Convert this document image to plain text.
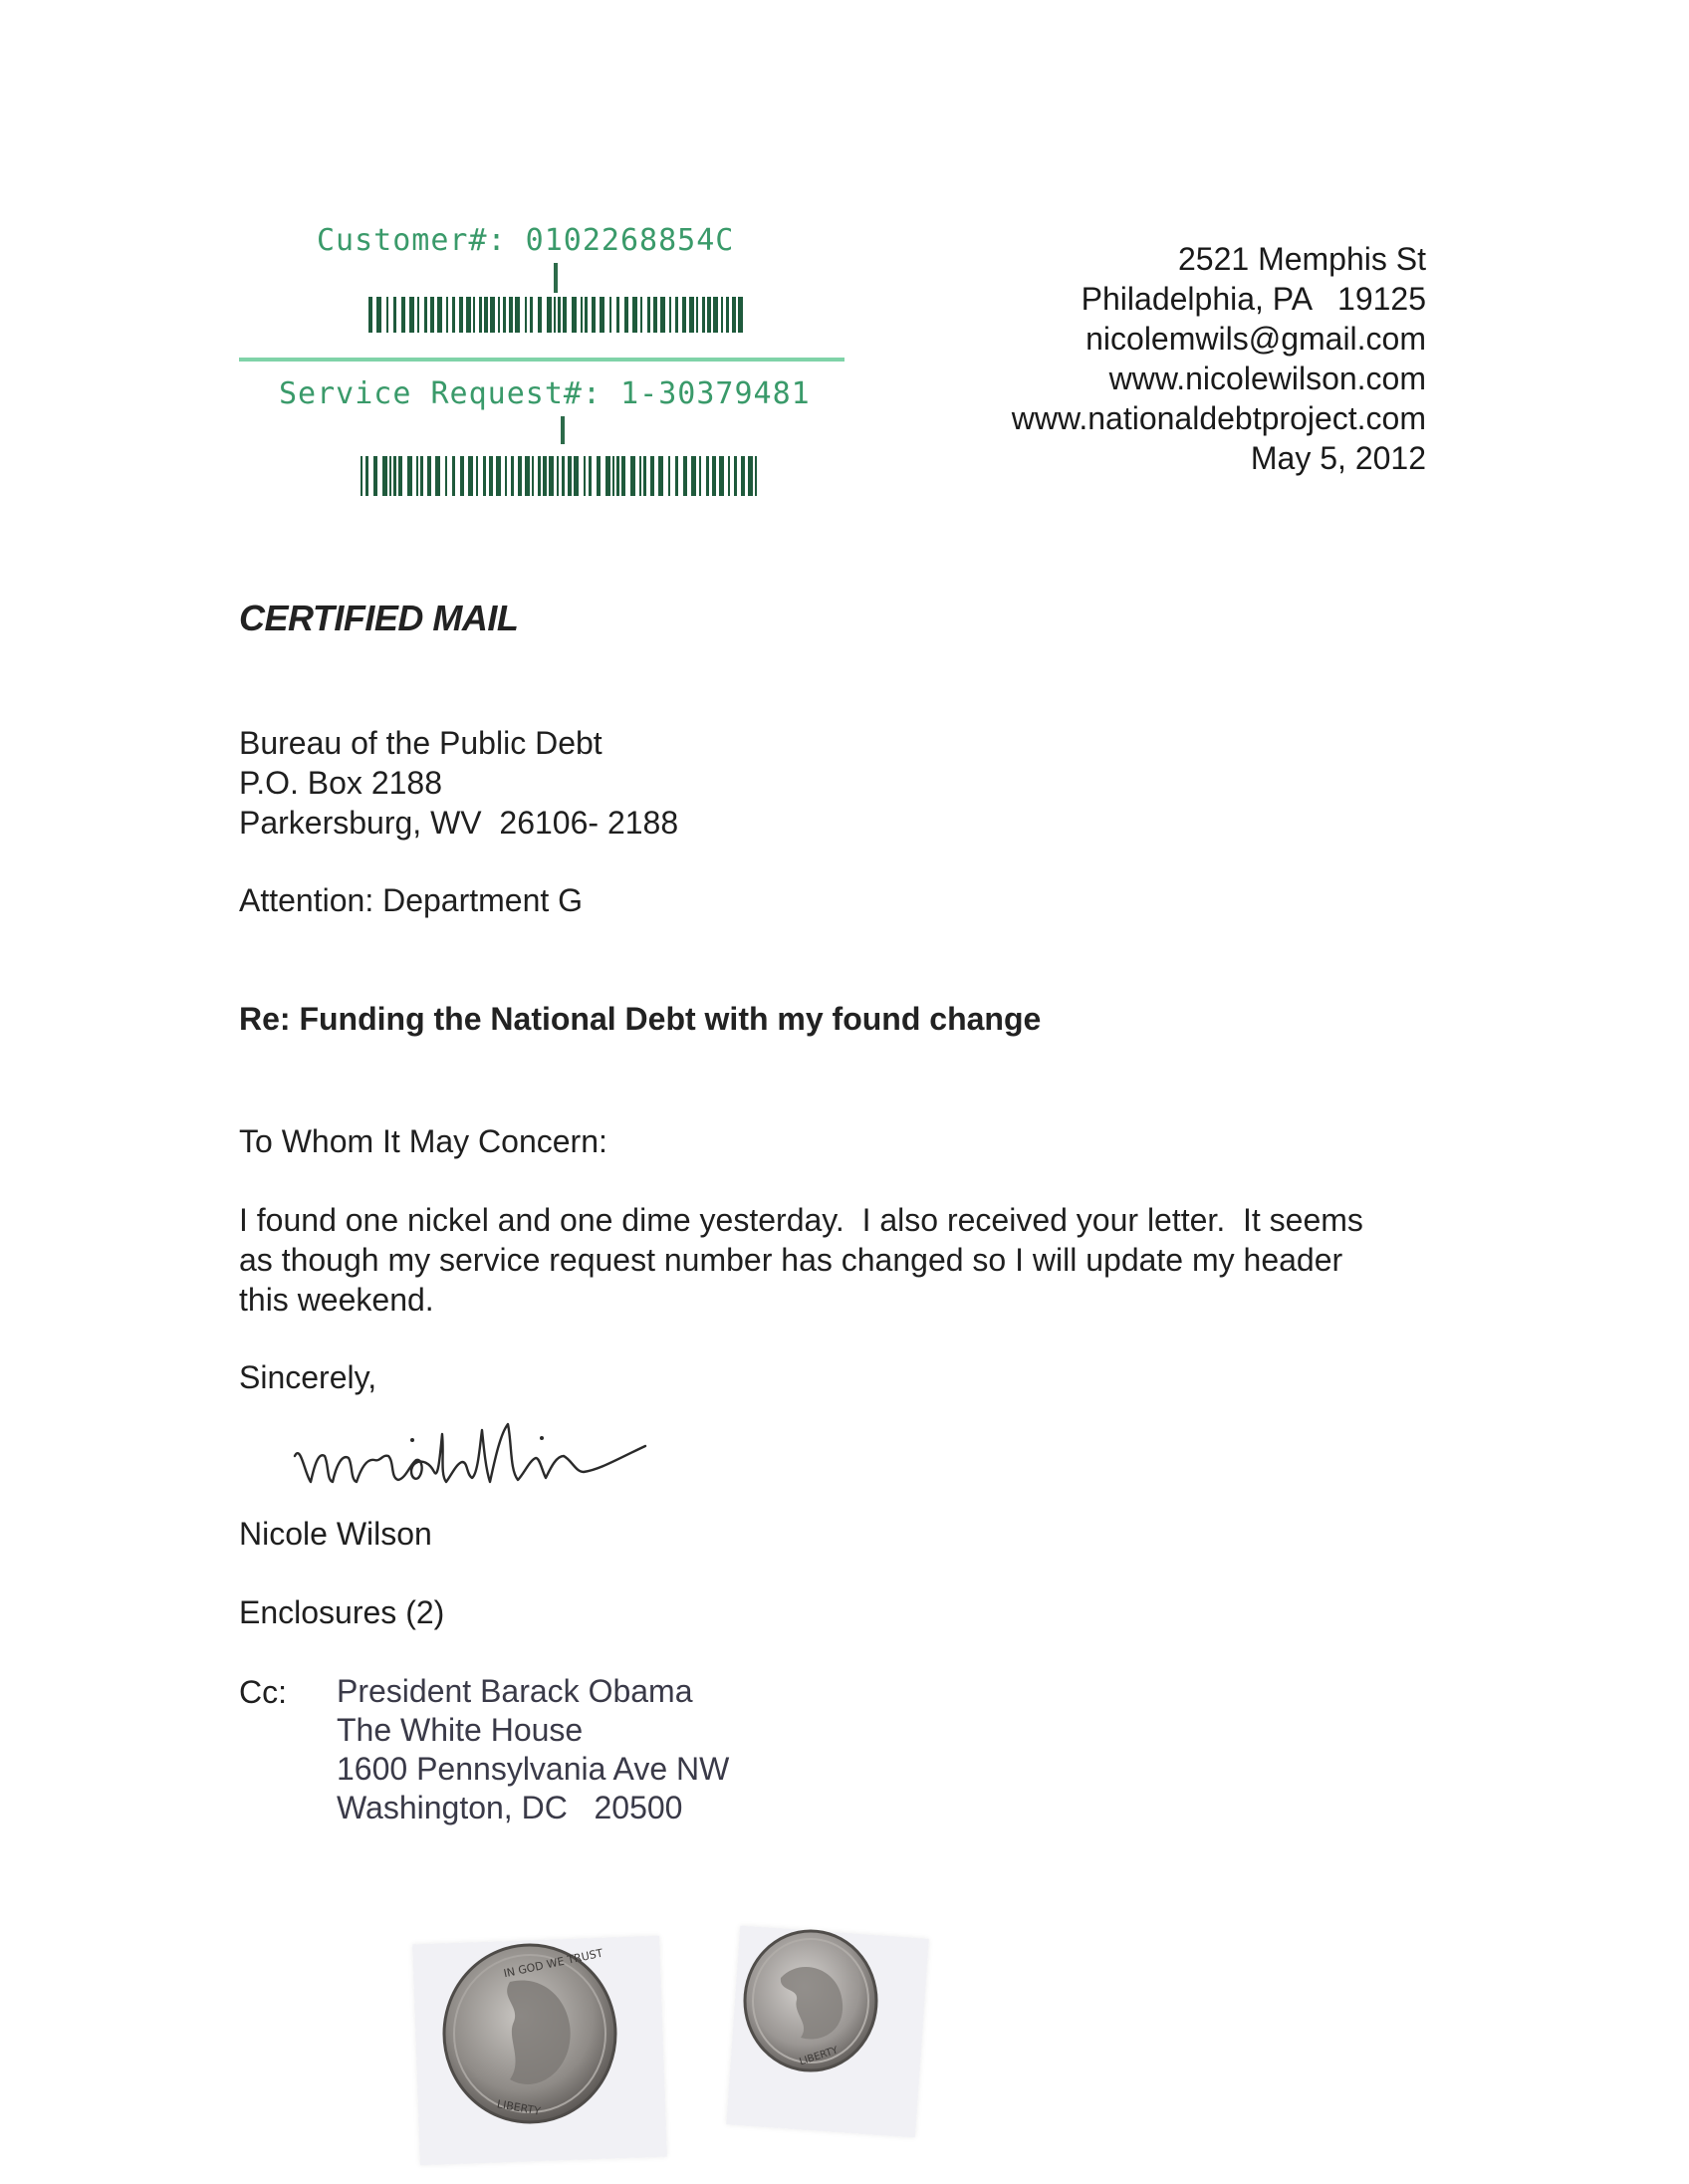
Customer#: 0102268854C
Service Request#: 1-30379481
2521 Memphis St
Philadelphia, PA   19125
nicolemwils@gmail.com
www.nicolewilson.com
www.nationaldebtproject.com
May 5, 2012
CERTIFIED MAIL
Bureau of the Public Debt
P.O. Box 2188
Parkersburg, WV  26106- 2188
Attention: Department G
Re: Funding the National Debt with my found change
To Whom It May Concern:
I found one nickel and one dime yesterday.  I also received your letter.  It seems
as though my service request number has changed so I will update my header
this weekend.
Sincerely,
Nicole Wilson
Enclosures (2)
Cc: President Barack Obama
The White House
1600 Pennsylvania Ave NW
Washington, DC   20500
IN GOD WE TRUST
LIBERTY
LIBERTY
